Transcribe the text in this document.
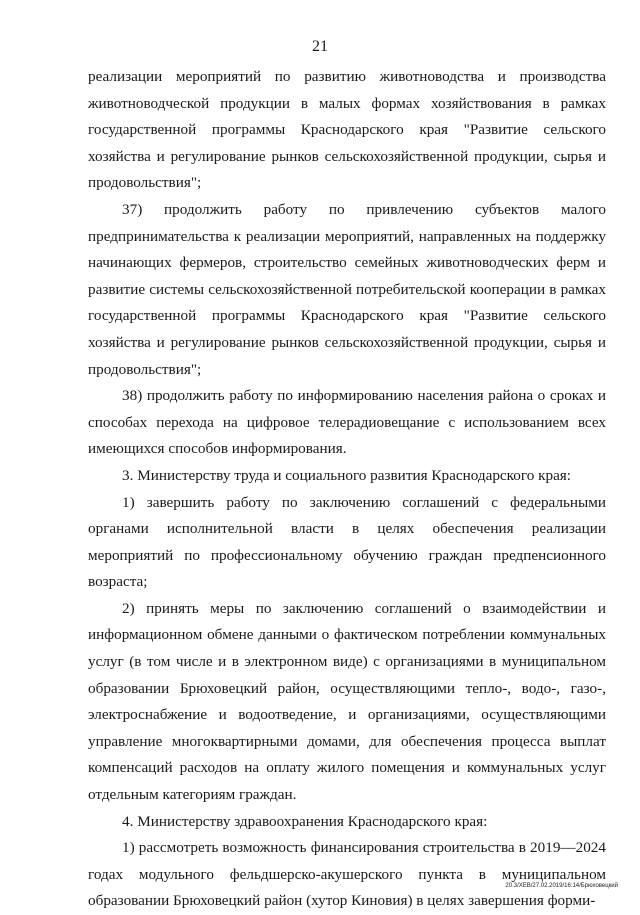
21

реализации мероприятий по развитию животноводства и производства животноводческой продукции в малых формах хозяйствования в рамках государственной программы Краснодарского края "Развитие сельского хозяйства и регулирование рынков сельскохозяйственной продукции, сырья и продовольствия";

37) продолжить работу по привлечению субъектов малого предпринимательства к реализации мероприятий, направленных на поддержку начинающих фермеров, строительство семейных животноводческих ферм и развитие системы сельскохозяйственной потребительской кооперации в рамках государственной программы Краснодарского края "Развитие сельского хозяйства и регулирование рынков сельскохозяйственной продукции, сырья и продовольствия";

38) продолжить работу по информированию населения района о сроках и способах перехода на цифровое телерадиовещание с использованием всех имеющихся способов информирования.

3. Министерству труда и социального развития Краснодарского края:

1) завершить работу по заключению соглашений с федеральными органами исполнительной власти в целях обеспечения реализации мероприятий по профессиональному обучению граждан предпенсионного возраста;

2) принять меры по заключению соглашений о взаимодействии и информационном обмене данными о фактическом потреблении коммунальных услуг (в том числе и в электронном виде) с организациями в муниципальном образовании Брюховецкий район, осуществляющими тепло-, водо-, газо-, электроснабжение и водоотведение, и организациями, осуществляющими управление многоквартирными домами, для обеспечения процесса выплат компенсаций расходов на оплату жилого помещения и коммунальных услуг отдельным категориям граждан.

4. Министерству здравоохранения Краснодарского края:

1) рассмотреть возможность финансирования строительства в 2019—2024 годах модульного фельдшерско-акушерского пункта в муниципальном образовании Брюховецкий район (хутор Киновия) в целях завершения форми-

20.3/ХЕВ/27.02.2019/16:14/Брюховецкий
